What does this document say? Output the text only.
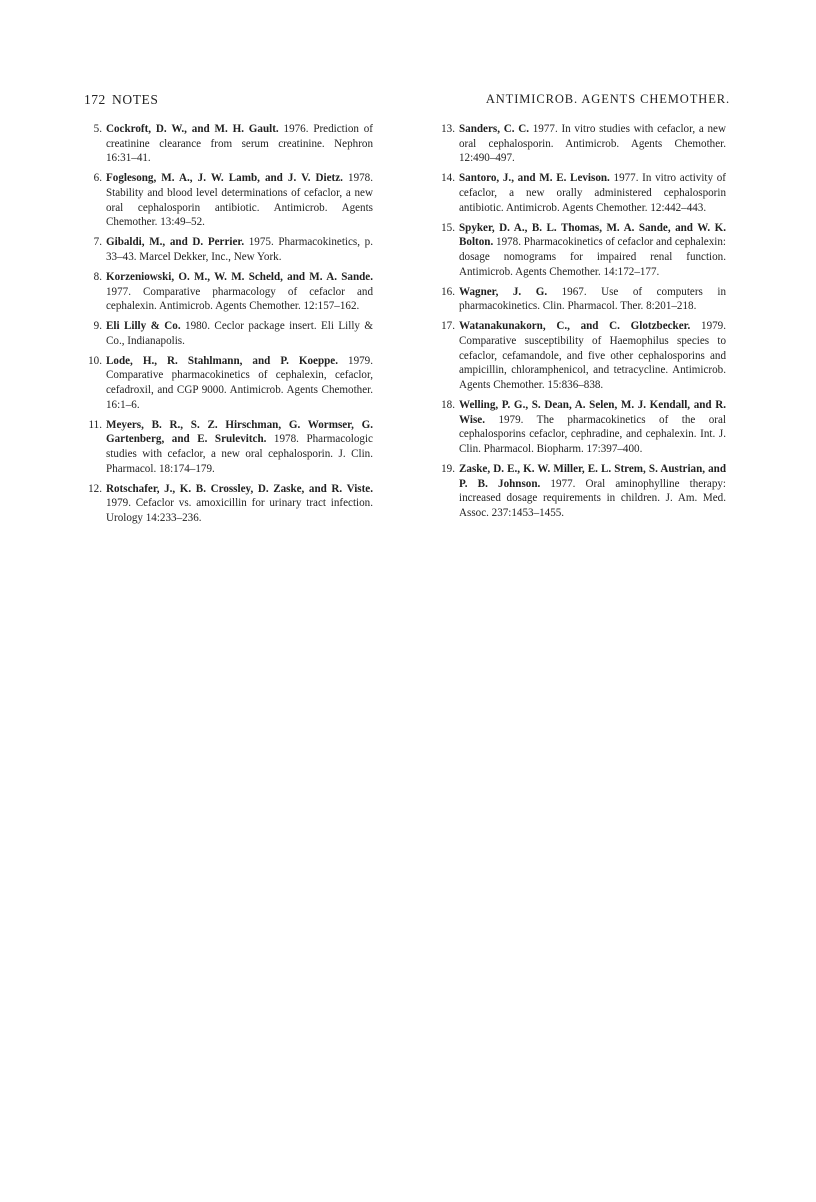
172 NOTES	ANTIMICROB. AGENTS CHEMOTHER.
5. Cockroft, D. W., and M. H. Gault. 1976. Prediction of creatinine clearance from serum creatinine. Nephron 16:31–41.
6. Foglesong, M. A., J. W. Lamb, and J. V. Dietz. 1978. Stability and blood level determinations of cefaclor, a new oral cephalosporin antibiotic. Antimicrob. Agents Chemother. 13:49–52.
7. Gibaldi, M., and D. Perrier. 1975. Pharmacokinetics, p. 33–43. Marcel Dekker, Inc., New York.
8. Korzeniowski, O. M., W. M. Scheld, and M. A. Sande. 1977. Comparative pharmacology of cefaclor and cephalexin. Antimicrob. Agents Chemother. 12:157–162.
9. Eli Lilly & Co. 1980. Ceclor package insert. Eli Lilly & Co., Indianapolis.
10. Lode, H., R. Stahlmann, and P. Koeppe. 1979. Comparative pharmacokinetics of cephalexin, cefaclor, cefadroxil, and CGP 9000. Antimicrob. Agents Chemother. 16:1–6.
11. Meyers, B. R., S. Z. Hirschman, G. Wormser, G. Gartenberg, and E. Srulevitch. 1978. Pharmacologic studies with cefaclor, a new oral cephalosporin. J. Clin. Pharmacol. 18:174–179.
12. Rotschafer, J., K. B. Crossley, D. Zaske, and R. Viste. 1979. Cefaclor vs. amoxicillin for urinary tract infection. Urology 14:233–236.
13. Sanders, C. C. 1977. In vitro studies with cefaclor, a new oral cephalosporin. Antimicrob. Agents Chemother. 12:490–497.
14. Santoro, J., and M. E. Levison. 1977. In vitro activity of cefaclor, a new orally administered cephalosporin antibiotic. Antimicrob. Agents Chemother. 12:442–443.
15. Spyker, D. A., B. L. Thomas, M. A. Sande, and W. K. Bolton. 1978. Pharmacokinetics of cefaclor and cephalexin: dosage nomograms for impaired renal function. Antimicrob. Agents Chemother. 14:172–177.
16. Wagner, J. G. 1967. Use of computers in pharmacokinetics. Clin. Pharmacol. Ther. 8:201–218.
17. Watanakunakorn, C., and C. Glotzbecker. 1979. Comparative susceptibility of Haemophilus species to cefaclor, cefamandole, and five other cephalosporins and ampicillin, chloramphenicol, and tetracycline. Antimicrob. Agents Chemother. 15:836–838.
18. Welling, P. G., S. Dean, A. Selen, M. J. Kendall, and R. Wise. 1979. The pharmacokinetics of the oral cephalosporins cefaclor, cephradine, and cephalexin. Int. J. Clin. Pharmacol. Biopharm. 17:397–400.
19. Zaske, D. E., K. W. Miller, E. L. Strem, S. Austrian, and P. B. Johnson. 1977. Oral aminophylline therapy: increased dosage requirements in children. J. Am. Med. Assoc. 237:1453–1455.
